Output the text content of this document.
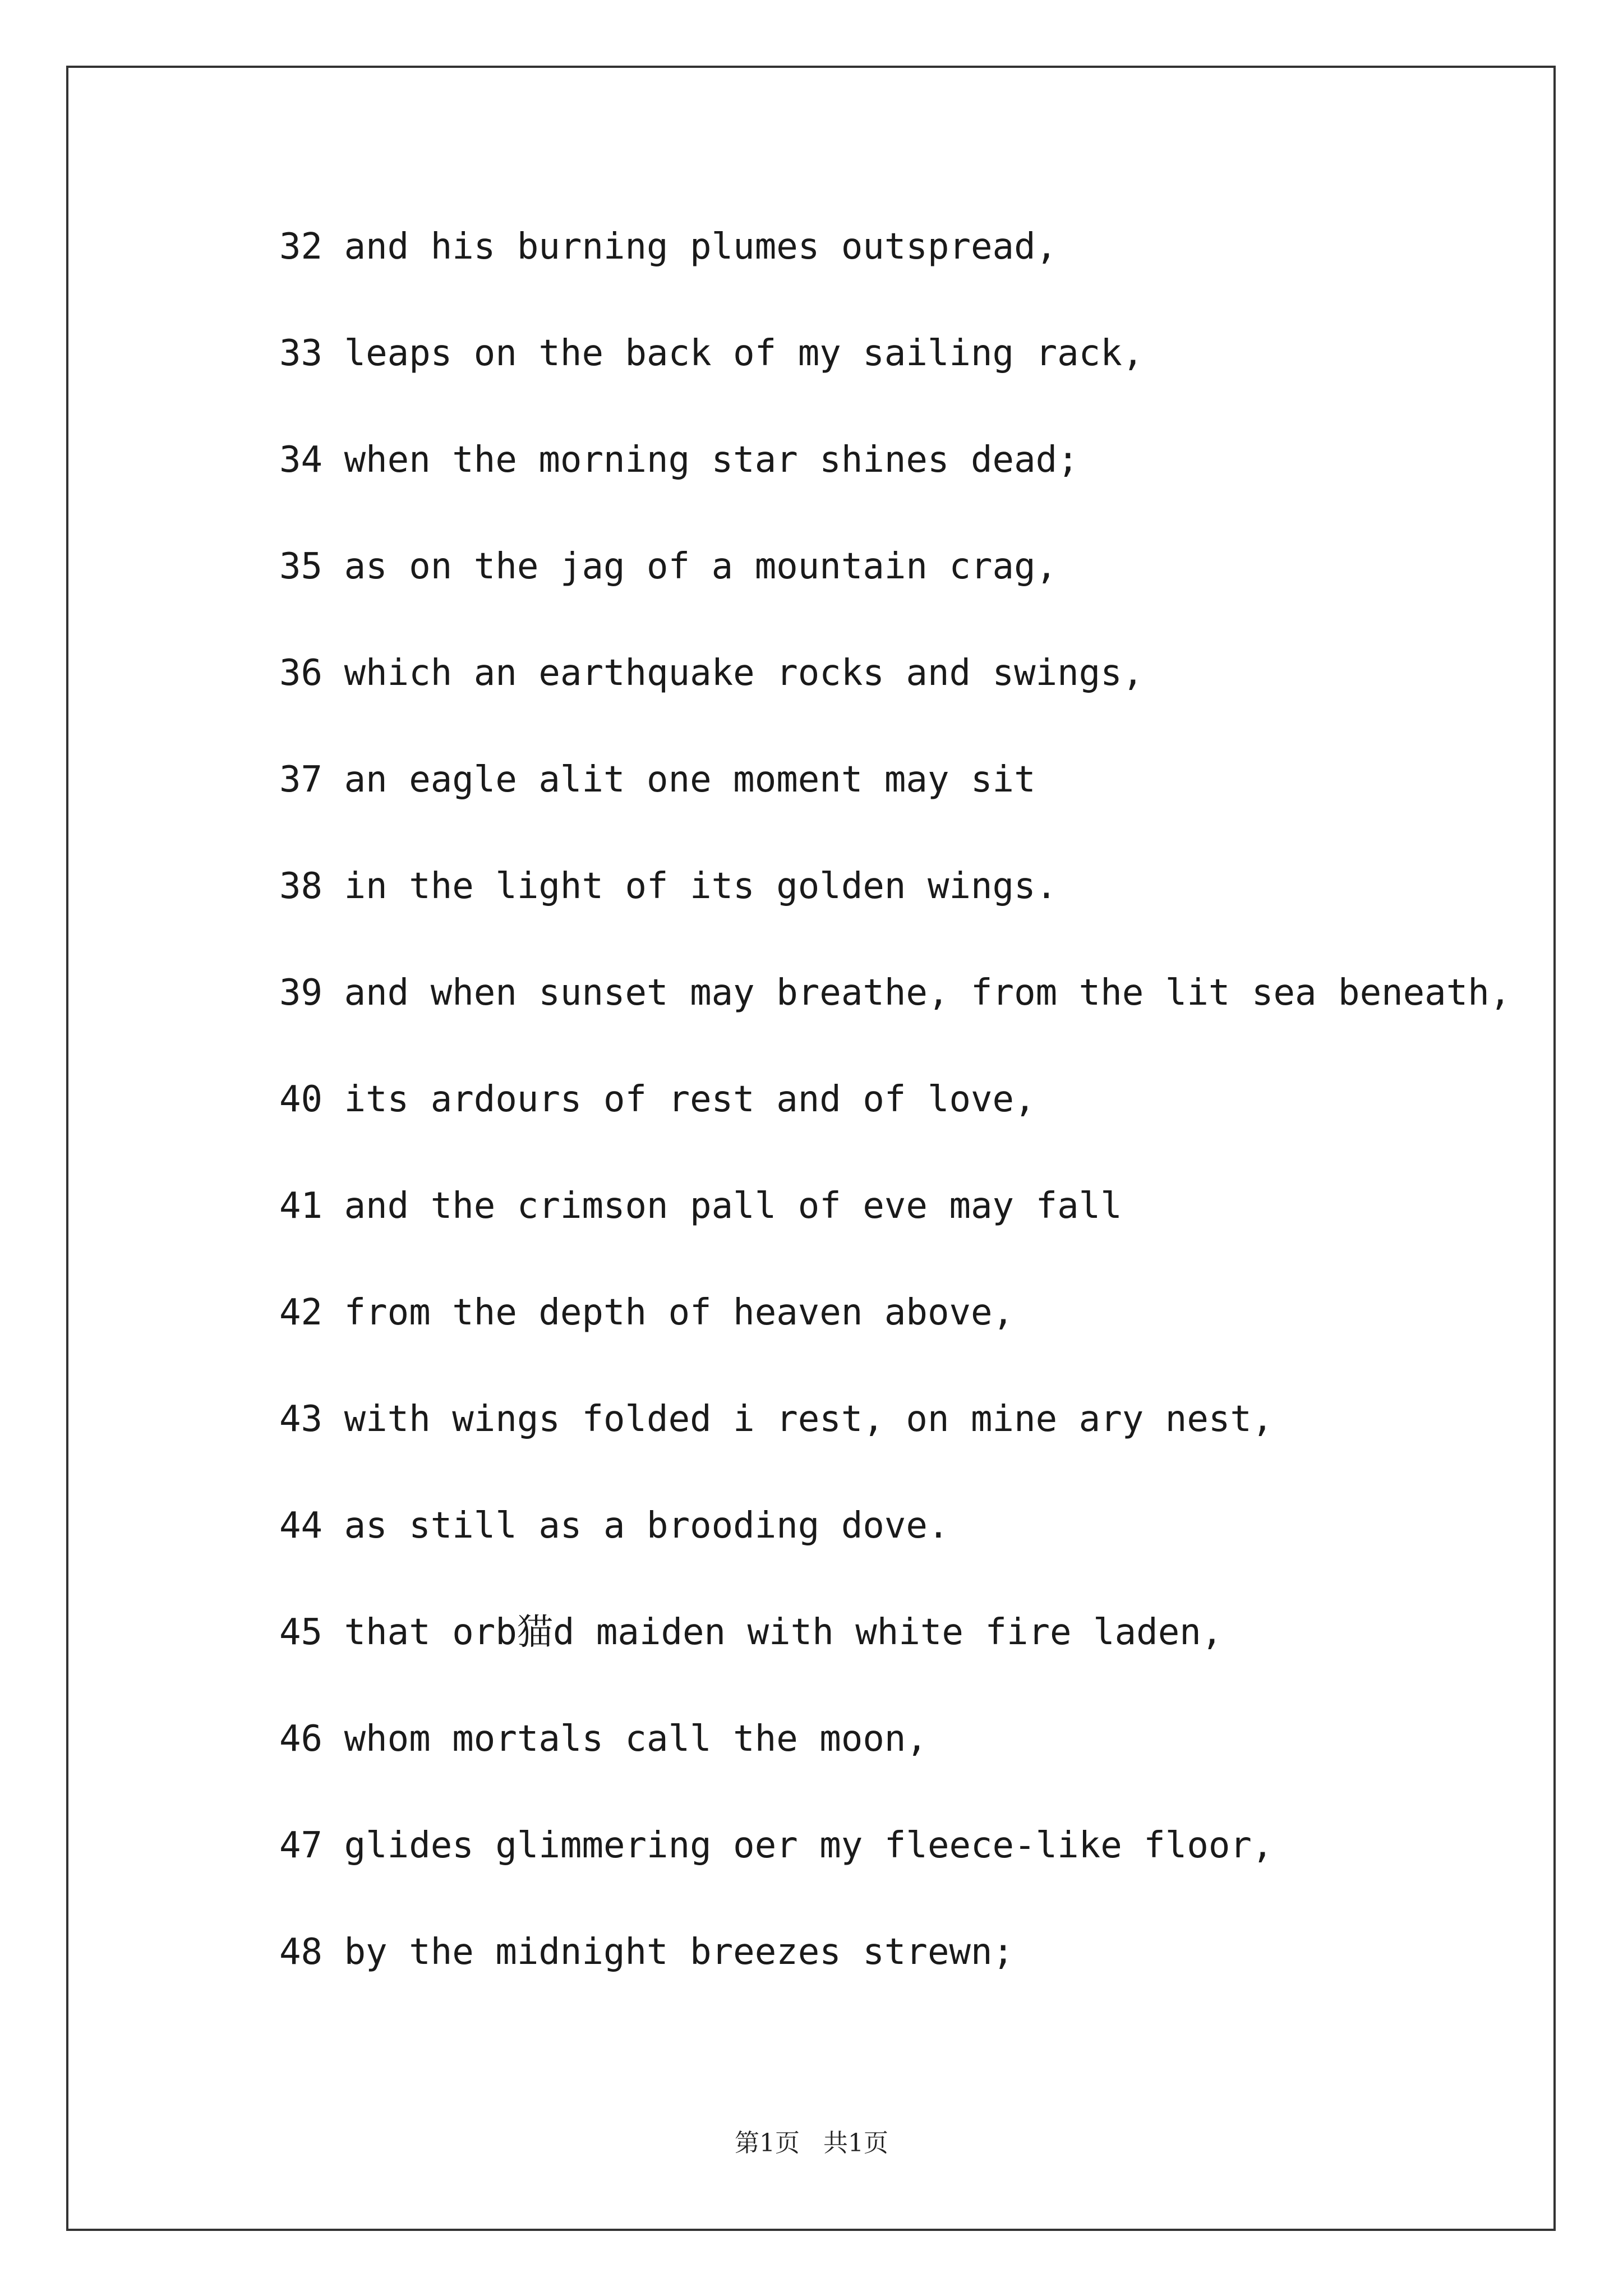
32 and his burning plumes outspread,
33 leaps on the back of my sailing rack,
34 when the morning star shines dead;
35 as on the jag of a mountain crag,
36 which an earthquake rocks and swings,
37 an eagle alit one moment may sit
38 in the light of its golden wings.
39 and when sunset may breathe, from the lit sea beneath,
40 its ardours of rest and of love,
41 and the crimson pall of eve may fall
42 from the depth of heaven above,
43 with wings folded i rest, on mine ary nest,
44 as still as a brooding dove.
45 that orb猫d maiden with white fire laden,
46 whom mortals call the moon,
47 glides glimmering oer my fleece-like floor,
48 by the midnight breezes strewn;
第1页   共1页
